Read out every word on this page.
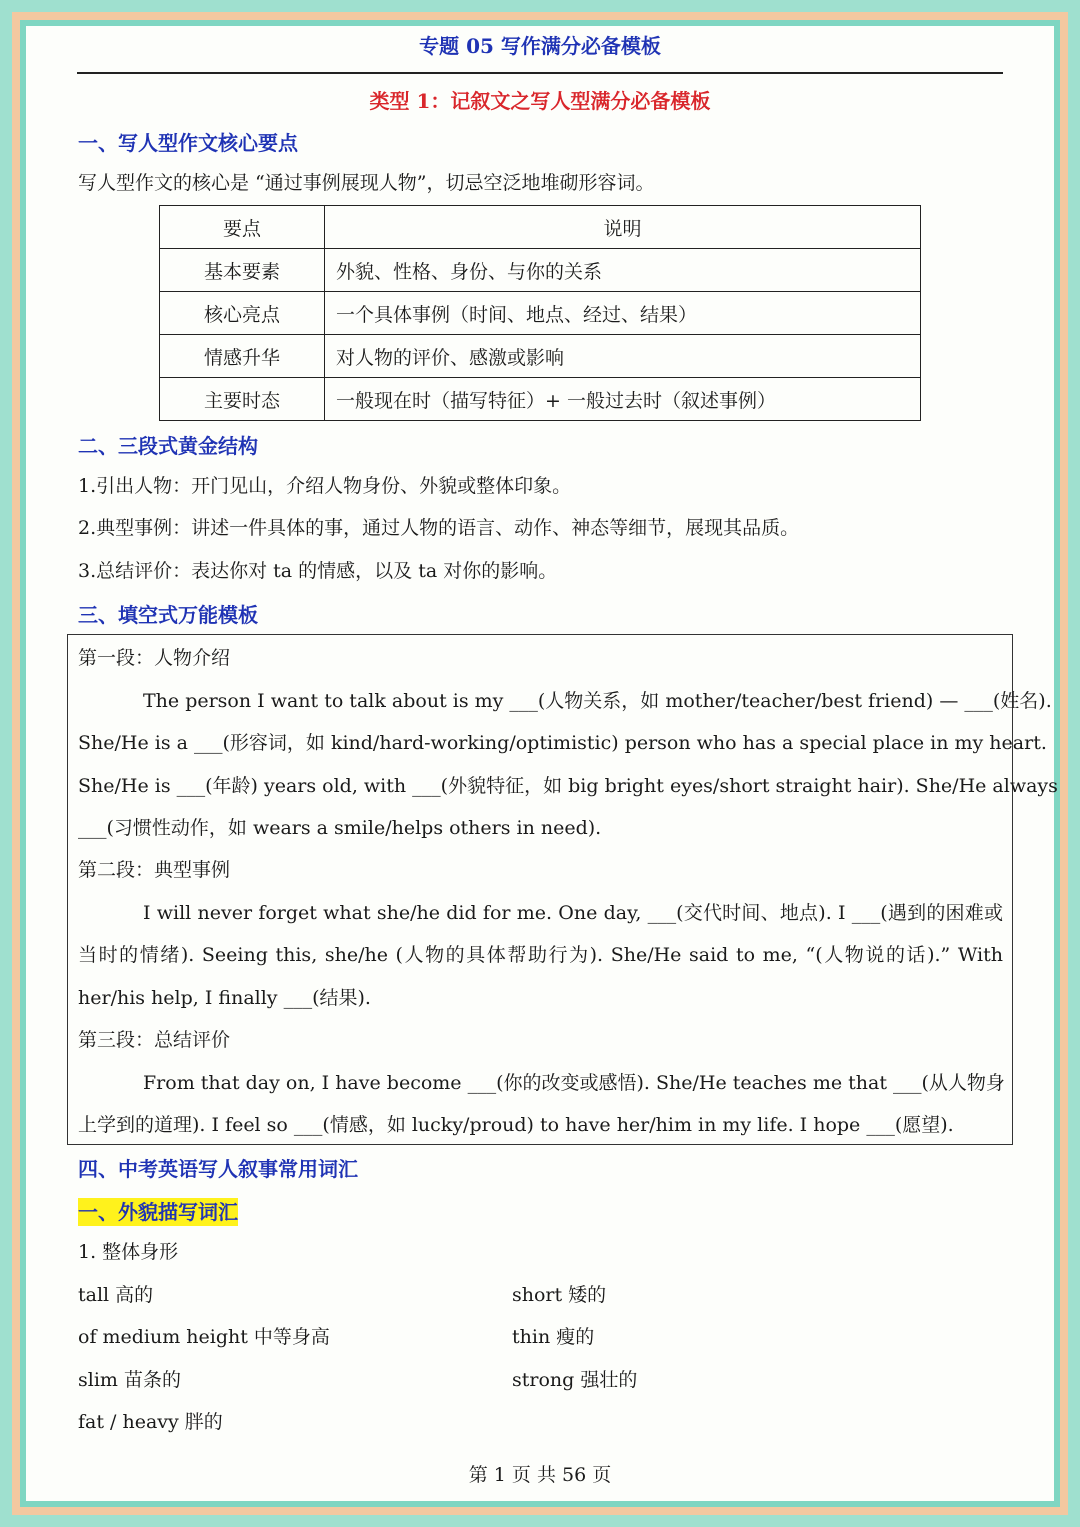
专题 05 写作满分必备模板
类型 1：记叙文之写人型满分必备模板
一、写人型作文核心要点
写人型作文的核心是 “通过事例展现人物”，切忌空泛地堆砌形容词。
要点	说明
基本要素	外貌、性格、身份、与你的关系
核心亮点	一个具体事例（时间、地点、经过、结果）
情感升华	对人物的评价、感激或影响
主要时态	一般现在时（描写特征）+ 一般过去时（叙述事例）
二、三段式黄金结构
1.引出人物：开门见山，介绍人物身份、外貌或整体印象。
2.典型事例：讲述一件具体的事，通过人物的语言、动作、神态等细节，展现其品质。
3.总结评价：表达你对 ta 的情感，以及 ta 对你的影响。
三、填空式万能模板
第一段：人物介绍
The person I want to talk about is my ___(人物关系，如 mother/teacher/best friend) — ___(姓名).
She/He is a ___(形容词，如 kind/hard-working/optimistic) person who has a special place in my heart.
She/He is ___(年龄) years old, with ___(外貌特征，如 big bright eyes/short straight hair). She/He always
___(习惯性动作，如 wears a smile/helps others in need).
第二段：典型事例
I will never forget what she/he did for me. One day, ___(交代时间、地点). I ___(遇到的困难或
当时的情绪). Seeing this, she/he (人物的具体帮助行为). She/He said to me, “(人物说的话).” With
her/his help, I finally ___(结果).
第三段：总结评价
From that day on, I have become ___(你的改变或感悟). She/He teaches me that ___(从人物身
上学到的道理). I feel so ___(情感，如 lucky/proud) to have her/him in my life. I hope ___(愿望).
四、中考英语写人叙事常用词汇
一、外貌描写词汇
1. 整体身形
tall 高的	short 矮的
of medium height 中等身高	thin 瘦的
slim 苗条的	strong 强壮的
fat / heavy 胖的
第 1 页 共 56 页
